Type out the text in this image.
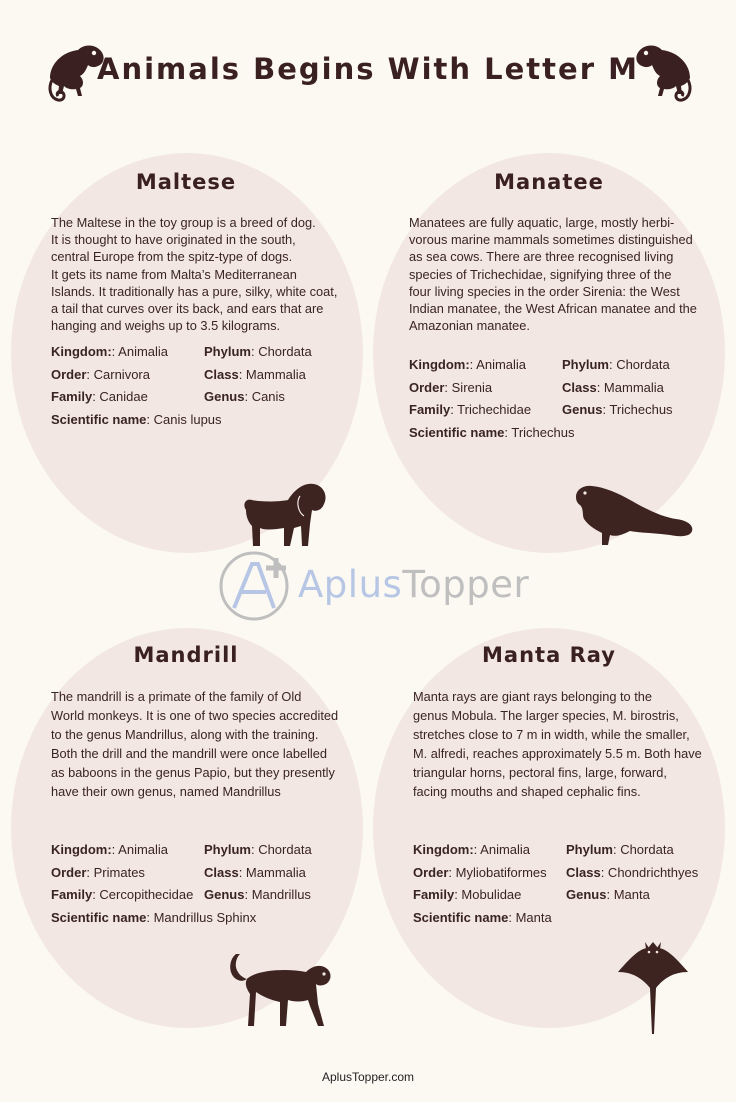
Animals Begins With Letter M
Maltese

The Maltese in the toy group is a breed of dog.
It is thought to have originated in the south,
central Europe from the spitz-type of dogs.
It gets its name from Malta’s Mediterranean
Islands. It traditionally has a pure, silky, white coat,
a tail that curves over its back, and ears that are
hanging and weighs up to 3.5 kilograms.

Kingdom:: Animalia	Phylum: Chordata
Order: Carnivora	Class: Mammalia
Family: Canidae	Genus: Canis
Scientific name: Canis lupus
Manatee

Manatees are fully aquatic, large, mostly herbi-
vorous marine mammals sometimes distinguished
as sea cows. There are three recognised living
species of Trichechidae, signifying three of the
four living species in the order Sirenia: the West
Indian manatee, the West African manatee and the
Amazonian manatee.

Kingdom:: Animalia	Phylum: Chordata
Order: Sirenia	Class: Mammalia
Family: Trichechidae	Genus: Trichechus
Scientific name: Trichechus
Mandrill

The mandrill is a primate of the family of Old
World monkeys. It is one of two species accredited
to the genus Mandrillus, along with the training.
Both the drill and the mandrill were once labelled
as baboons in the genus Papio, but they presently
have their own genus, named Mandrillus

Kingdom:: Animalia	Phylum: Chordata
Order: Primates	Class: Mammalia
Family: Cercopithecidae Genus: Mandrillus
Scientific name: Mandrillus Sphinx
Manta Ray

Manta rays are giant rays belonging to the
genus Mobula. The larger species, M. birostris,
stretches close to 7 m in width, while the smaller,
M. alfredi, reaches approximately 5.5 m. Both have
triangular horns, pectoral fins, large, forward,
facing mouths and shaped cephalic fins.

Kingdom:: Animalia	Phylum: Chordata
Order: Myliobatiformes	Class: Chondrichthyes
Family: Mobulidae	Genus: Manta
Scientific name: Manta
AplusTopper
AplusTopper.com
